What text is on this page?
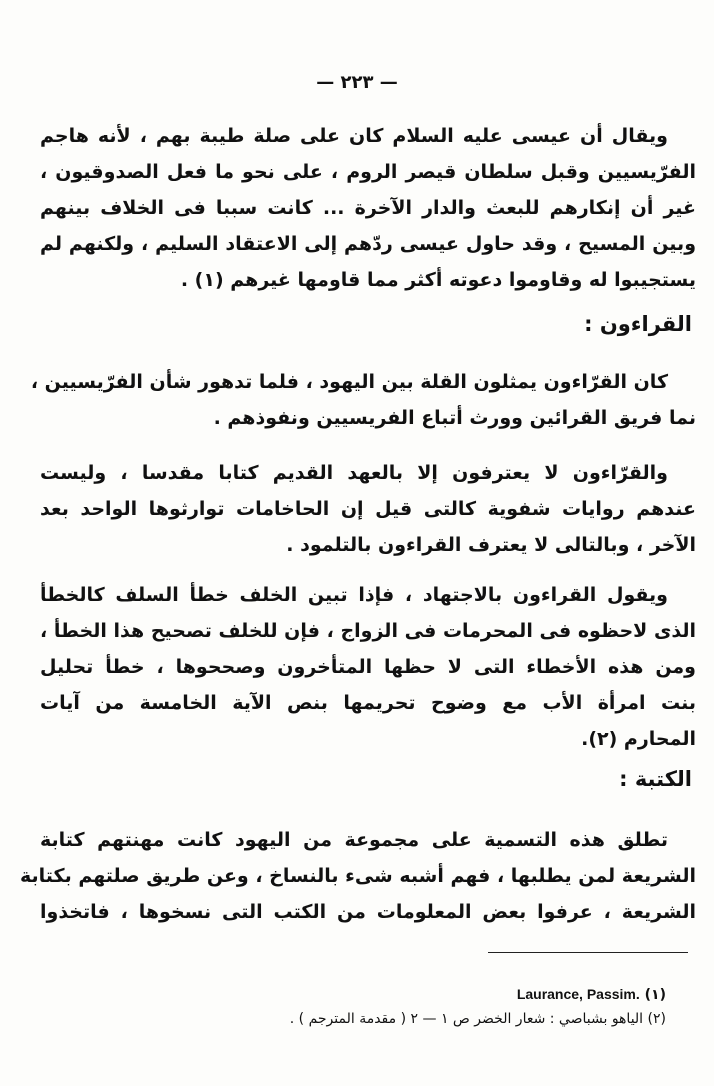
— ٢٢٣ —
ويقال أن عيسى عليه السلام كان على صلة طيبة بهم ، لأنه هاجم
الفرّيسيين وقبل سلطان قيصر الروم ، على نحو ما فعل الصدوقيون ،
غير أن إنكارهم للبعث والدار الآخرة ... كانت سببا فى الخلاف بينهم
وبين المسيح ، وقد حاول عيسى ردّهم إلى الاعتقاد السليم ، ولكنهم لم
يستجيبوا له وقاوموا دعوته أكثر مما قاومها غيرهم (١) .
القراءون :
كان القرّاءون يمثلون القلة بين اليهود ، فلما تدهور شأن الفرّيسيين ،
نما فريق القرائين وورث أتباع الفريسيين ونفوذهم .
والقرّاءون لا يعترفون إلا بالعهد القديم كتابا مقدسا ، وليست
عندهم روايات شفوية كالتى قيل إن الحاخامات توارثوها الواحد بعد
الآخر ، وبالتالى لا يعترف القراءون بالتلمود .
ويقول القراءون بالاجتهاد ، فإذا تبين الخلف خطأ السلف كالخطأ
الذى لاحظوه فى المحرمات فى الزواج ، فإن للخلف تصحيح هذا الخطأ ،
ومن هذه الأخطاء التى لا حظها المتأخرون وصححوها ، خطأ تحليل
بنت امرأة الأب مع وضوح تحريمها بنص الآية الخامسة من آيات
المحارم (٢).
الكتبة :
تطلق هذه التسمية على مجموعة من اليهود كانت مهنتهم كتابة
الشريعة لمن يطلبها ، فهم أشبه شىء بالنساخ ، وعن طريق صلتهم بكتابة
الشريعة ، عرفوا بعض المعلومات من الكتب التى نسخوها ، فاتخذوا
(١) Laurance, Passim.
(٢) الياهو بشباصي : شعار الخضر ص ١ — ٢ ( مقدمة المترجم ) .
